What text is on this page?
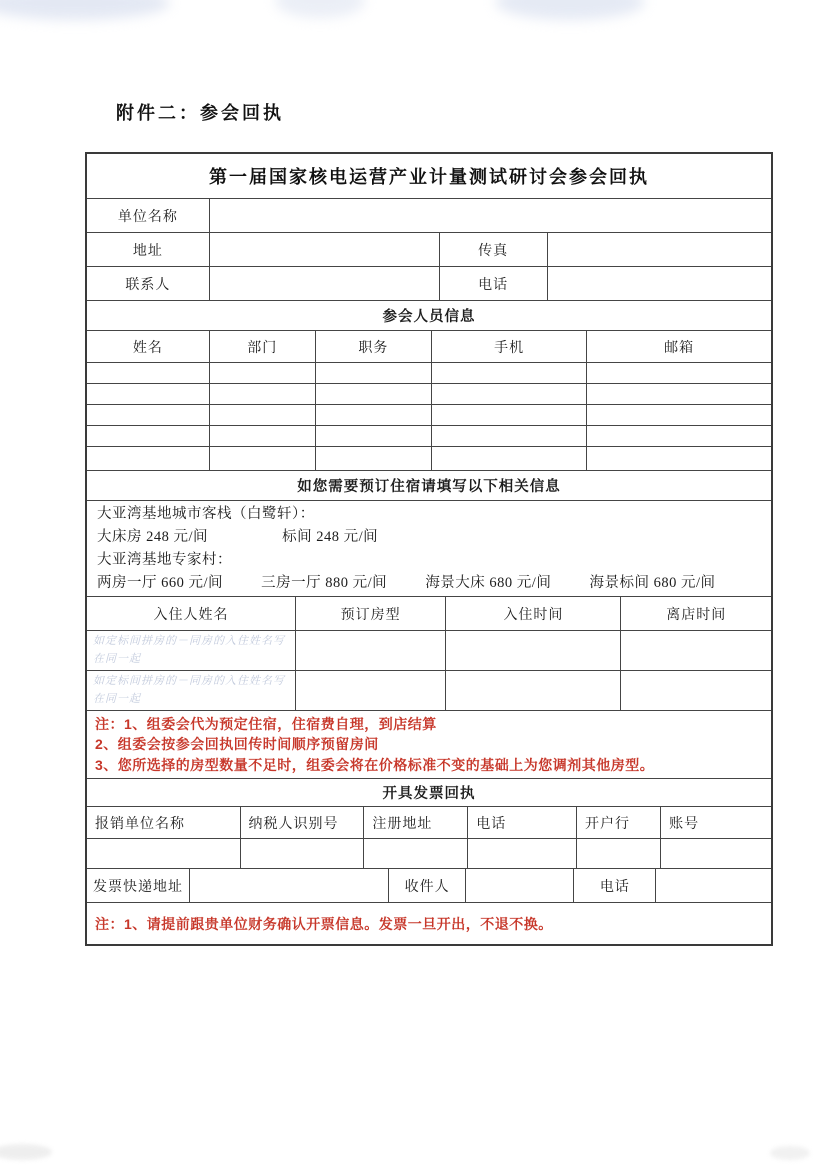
附件二：参会回执
第一届国家核电运营产业计量测试研讨会参会回执
单位名称
地址	传真
联系人	电话
参会人员信息
姓名	部门	职务	手机	邮箱
如您需要预订住宿请填写以下相关信息
大亚湾基地城市客栈（白鹭轩）：
大床房 248 元/间	标间 248 元/间
大亚湾基地专家村：
两房一厅 660 元/间	三房一厅 880 元/间	海景大床 680 元/间	海景标间 680 元/间
入住人姓名	预订房型	入住时间	离店时间
如定标间拼房的－同房的入住姓名写
在同一起
如定标间拼房的－同房的入住姓名写
在同一起
注：1、组委会代为预定住宿，住宿费自理，到店结算
2、组委会按参会回执回传时间顺序预留房间
3、您所选择的房型数量不足时，组委会将在价格标准不变的基础上为您调剂其他房型。
开具发票回执
报销单位名称	纳税人识别号	注册地址	电话	开户行	账号
发票快递地址	收件人	电话
注：1、请提前跟贵单位财务确认开票信息。发票一旦开出，不退不换。
